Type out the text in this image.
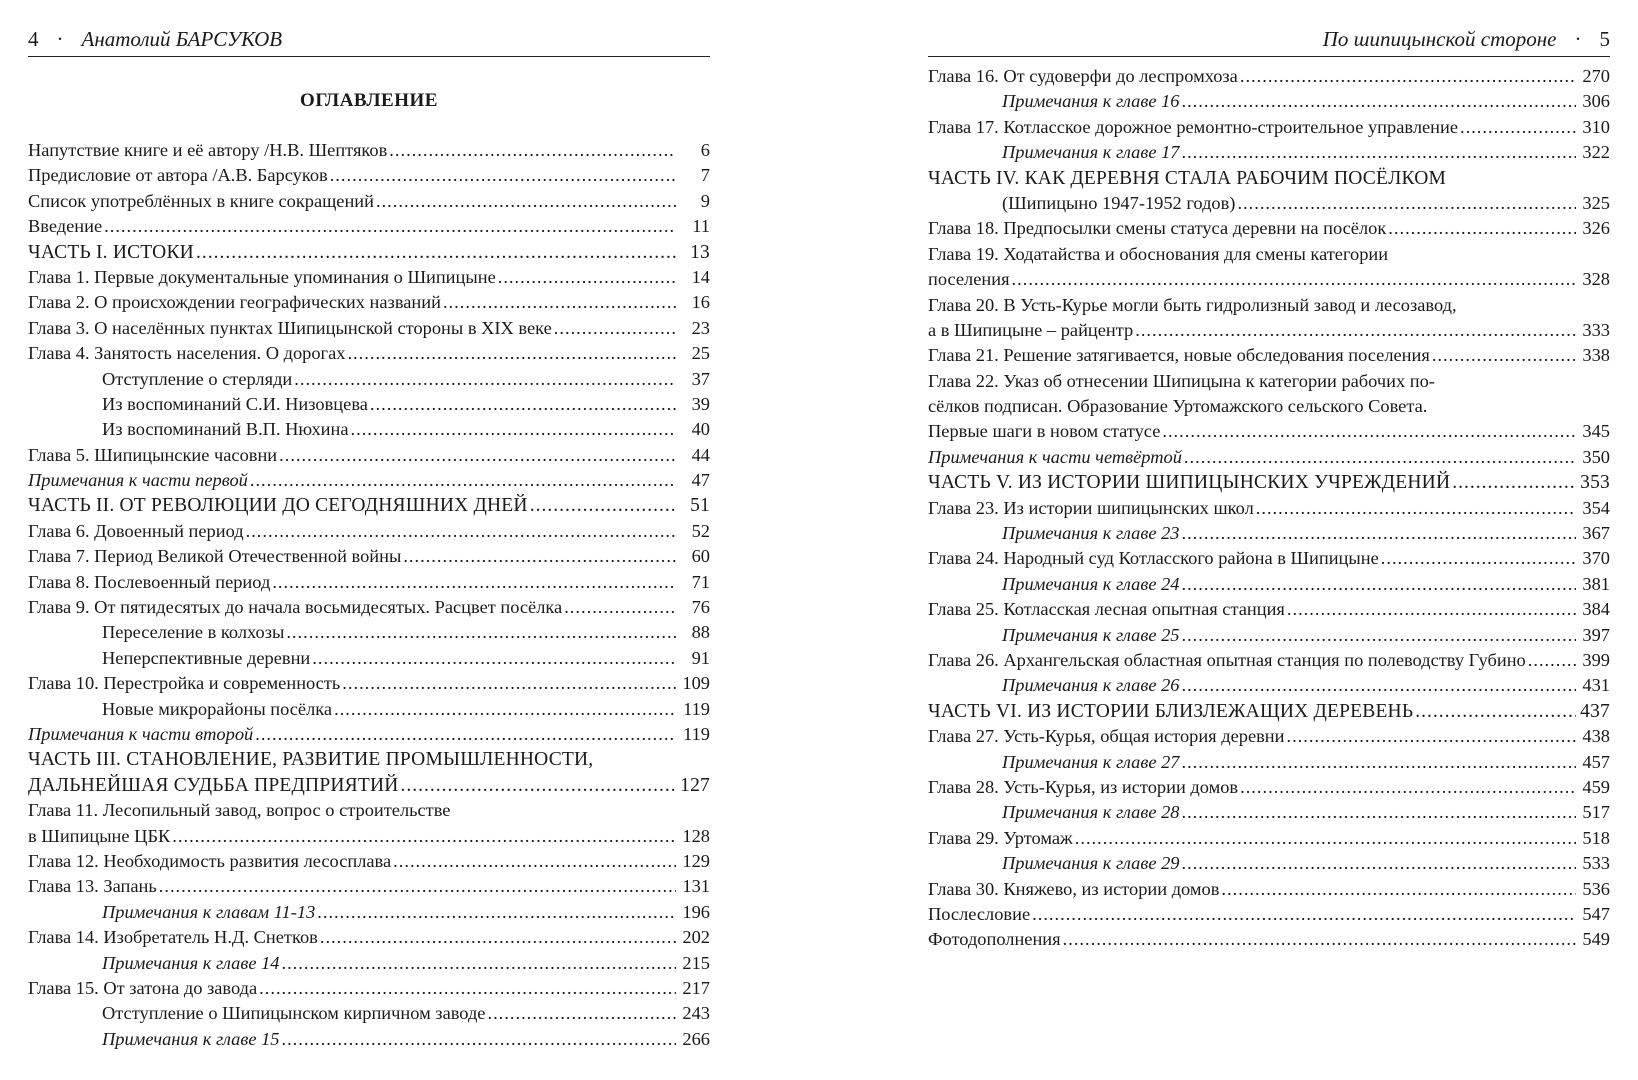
4 · Анатолий БАРСУКОВ
ОГЛАВЛЕНИЕ
Напутствие книге и её автору /Н.В. Шептяков .....	6
Предисловие от автора /А.В. Барсуков .....	7
Список употреблённых в книге сокращений .....	9
Введение .....	11
ЧАСТЬ I. ИСТОКИ .....	13
Глава 1. Первые документальные упоминания о Шипицыне .....	14
Глава 2. О происхождении географических названий .....	16
Глава 3. О населённых пунктах Шипицынской стороны в XIX веке .....	23
Глава 4. Занятость населения. О дорогах .....	25
Отступление о стерляди .....	37
Из воспоминаний С.И. Низовцева .....	39
Из воспоминаний В.П. Нюхина .....	40
Глава 5. Шипицынские часовни .....	44
Примечания к части первой .....	47
ЧАСТЬ II. ОТ РЕВОЛЮЦИИ ДО СЕГОДНЯШНИХ ДНЕЙ .....	51
Глава 6. Довоенный период .....	52
Глава 7. Период Великой Отечественной войны .....	60
Глава 8. Послевоенный период .....	71
Глава 9. От пятидесятых до начала восьмидесятых. Расцвет посёлка .....	76
Переселение в колхозы .....	88
Неперспективные деревни .....	91
Глава 10. Перестройка и современность .....	109
Новые микрорайоны посёлка .....	119
Примечания к части второй .....	119
ЧАСТЬ III. СТАНОВЛЕНИЕ, РАЗВИТИЕ ПРОМЫШЛЕННОСТИ,
ДАЛЬНЕЙШАЯ СУДЬБА ПРЕДПРИЯТИЙ .....	127
Глава 11. Лесопильный завод, вопрос о строительстве
в Шипицыне ЦБК .....	128
Глава 12. Необходимость развития лесосплава .....	129
Глава 13. Запань .....	131
Примечания к главам 11-13 .....	196
Глава 14. Изобретатель Н.Д. Снетков .....	202
Примечания к главе 14 .....	215
Глава 15. От затона до завода .....	217
Отступление о Шипицынском кирпичном заводе .....	243
Примечания к главе 15 .....	266
По шипицынской стороне · 5
Глава 16. От судоверфи до леспромхоза .....	270
Примечания к главе 16 .....	306
Глава 17. Котласское дорожное ремонтно-строительное управление .....	310
Примечания к главе 17 .....	322
ЧАСТЬ IV. КАК ДЕРЕВНЯ СТАЛА РАБОЧИМ ПОСЁЛКОМ
(Шипицыно 1947-1952 годов) .....	325
Глава 18. Предпосылки смены статуса деревни на посёлок .....	326
Глава 19. Ходатайства и обоснования для смены категории
поселения .....	328
Глава 20. В Усть-Курье могли быть гидролизный завод и лесозавод,
а в Шипицыне – райцентр .....	333
Глава 21. Решение затягивается, новые обследования поселения .....	338
Глава 22. Указ об отнесении Шипицына к категории рабочих по-
сёлков подписан. Образование Уртомажского сельского Совета.
Первые шаги в новом статусе .....	345
Примечания к части четвёртой .....	350
ЧАСТЬ V. ИЗ ИСТОРИИ ШИПИЦЫНСКИХ УЧРЕЖДЕНИЙ .....	353
Глава 23. Из истории шипицынских школ .....	354
Примечания к главе 23 .....	367
Глава 24. Народный суд Котласского района в Шипицыне .....	370
Примечания к главе 24 .....	381
Глава 25. Котласская лесная опытная станция .....	384
Примечания к главе 25 .....	397
Глава 26. Архангельская областная опытная станция по полеводству Губино .....	399
Примечания к главе 26 .....	431
ЧАСТЬ VI. ИЗ ИСТОРИИ БЛИЗЛЕЖАЩИХ ДЕРЕВЕНЬ .....	437
Глава 27. Усть-Курья, общая история деревни .....	438
Примечания к главе 27 .....	457
Глава 28. Усть-Курья, из истории домов .....	459
Примечания к главе 28 .....	517
Глава 29. Уртомаж .....	518
Примечания к главе 29 .....	533
Глава 30. Княжево, из истории домов .....	536
Послесловие .....	547
Фотодополнения .....	549
